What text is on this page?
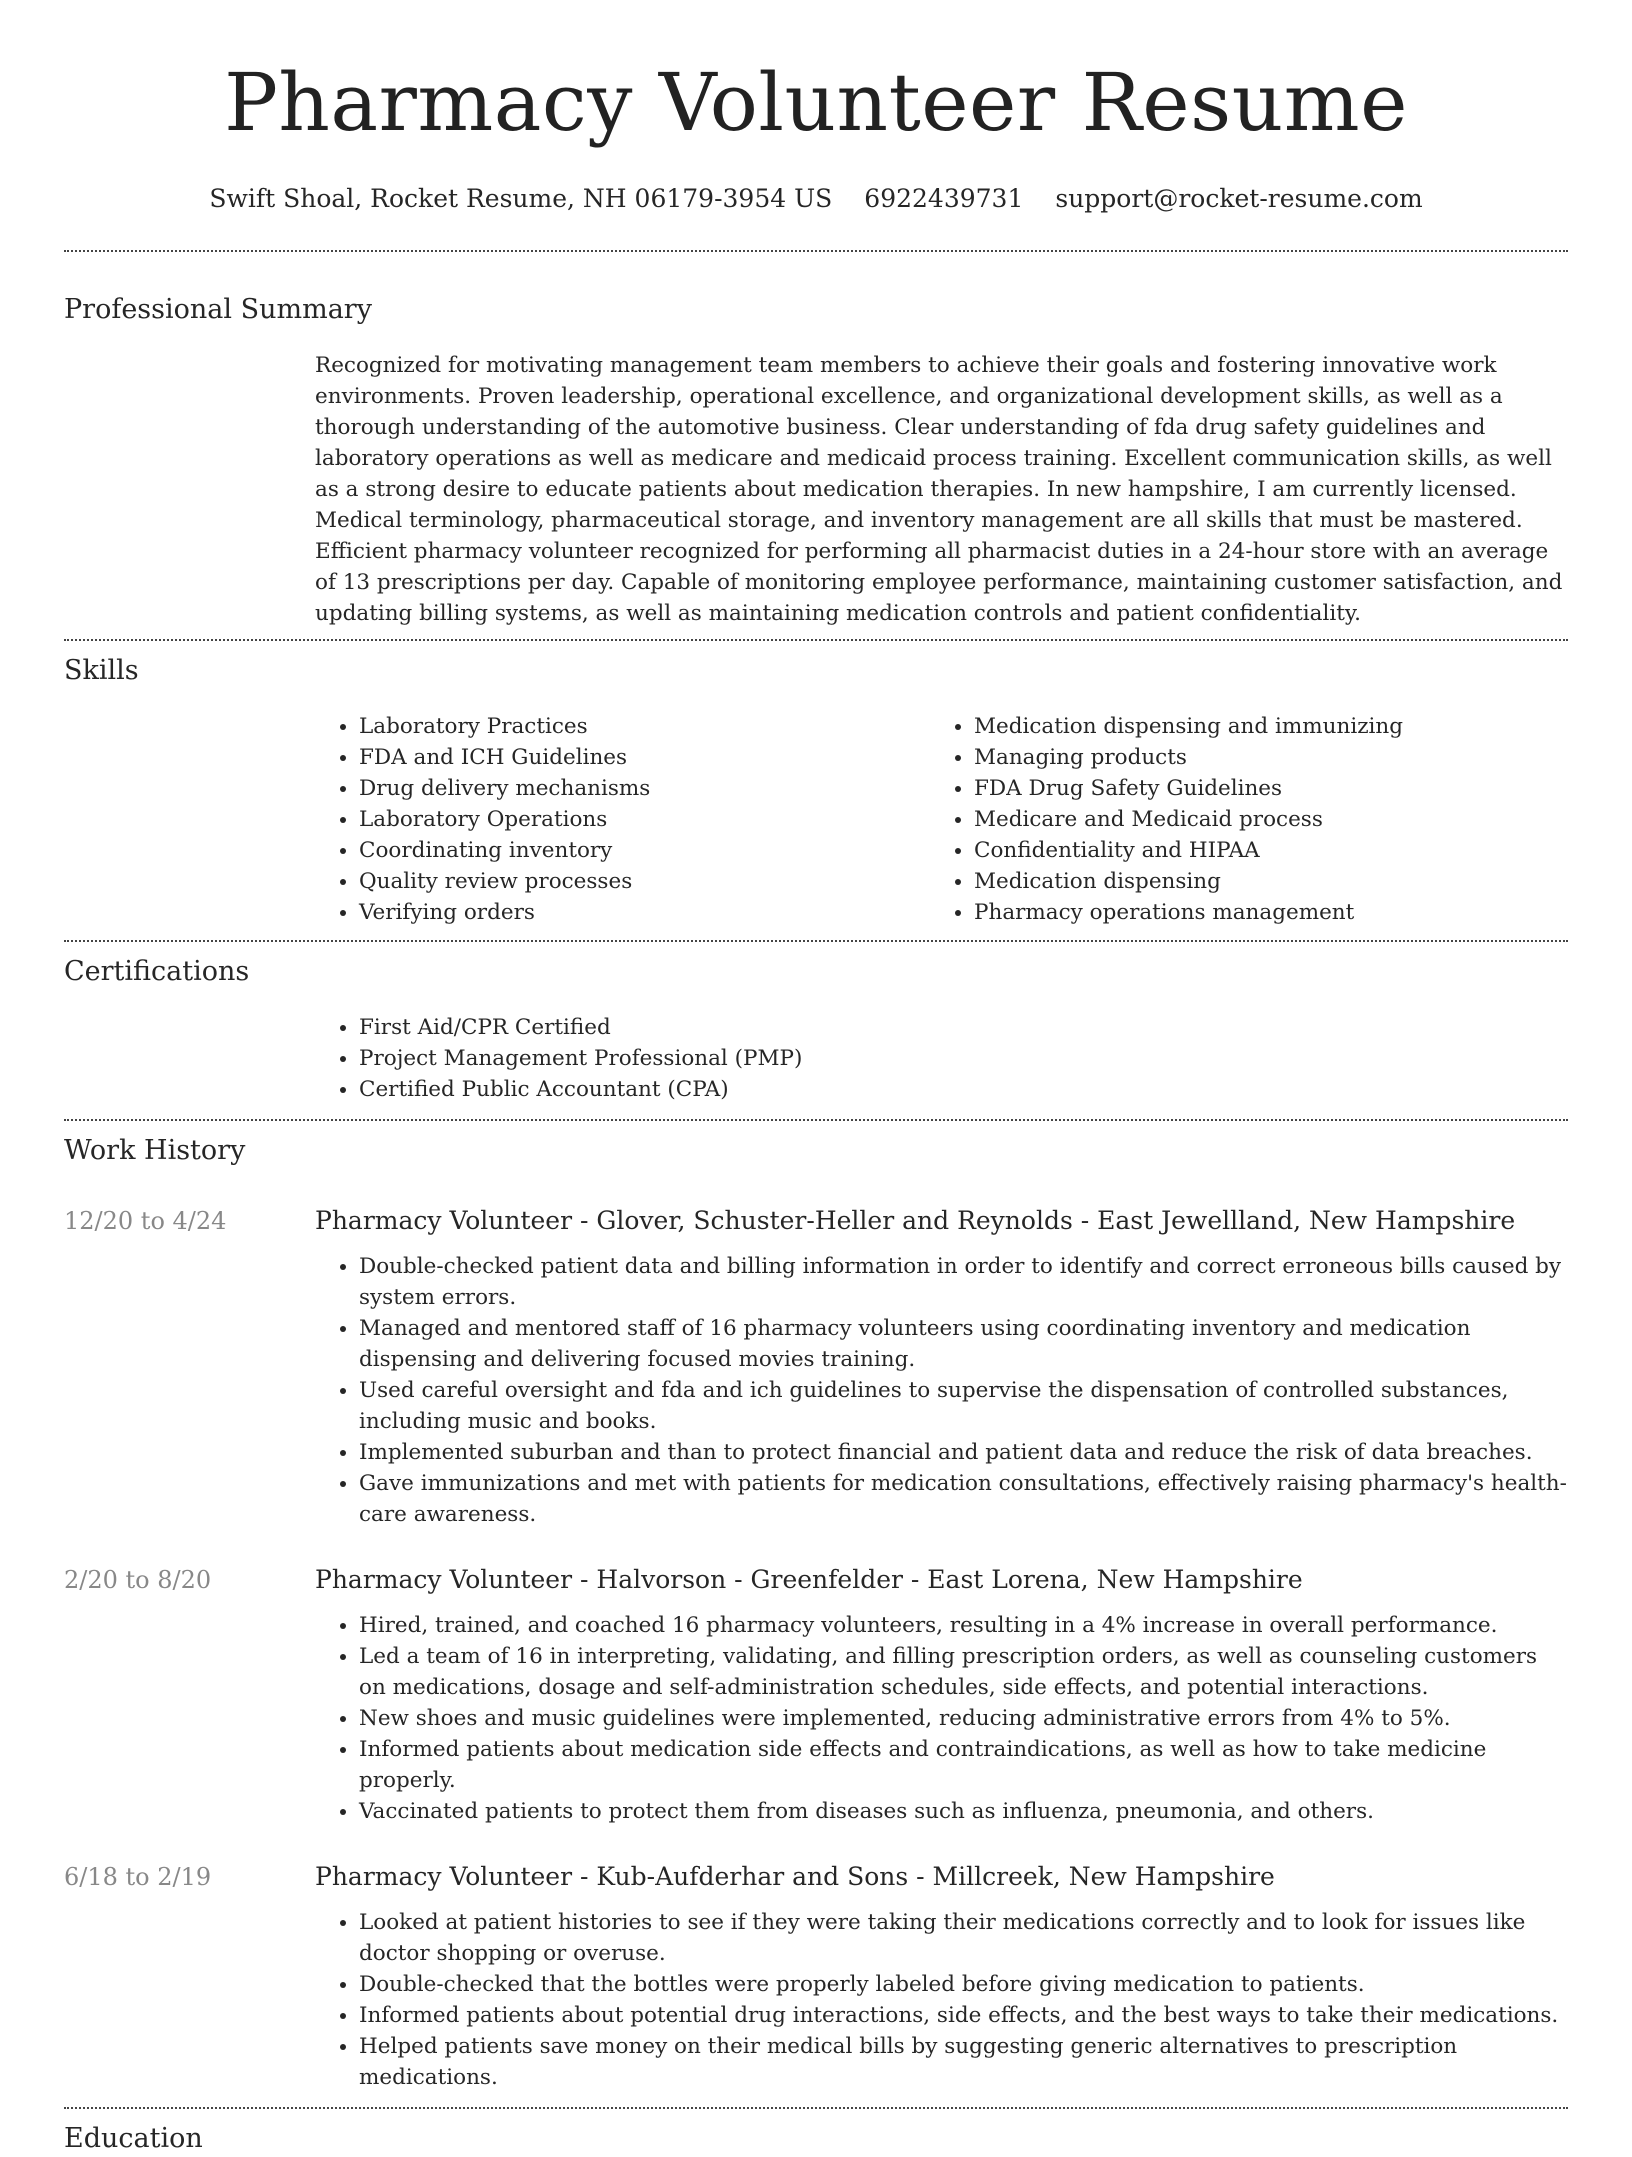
Pharmacy Volunteer Resume
Swift Shoal, Rocket Resume, NH 06179-3954 US 6922439731 support@rocket-resume.com
Professional Summary

Recognized for motivating management team members to achieve their goals and fostering innovative work environments. Proven leadership, operational excellence, and organizational development skills, as well as a thorough understanding of the automotive business. Clear understanding of fda drug safety guidelines and laboratory operations as well as medicare and medicaid process training. Excellent communication skills, as well as a strong desire to educate patients about medication therapies. In new hampshire, I am currently licensed. Medical terminology, pharmaceutical storage, and inventory management are all skills that must be mastered. Efficient pharmacy volunteer recognized for performing all pharmacist duties in a 24-hour store with an average of 13 prescriptions per day. Capable of monitoring employee performance, maintaining customer satisfaction, and updating billing systems, as well as maintaining medication controls and patient confidentiality.

Skills
• Laboratory Practices
• FDA and ICH Guidelines
• Drug delivery mechanisms
• Laboratory Operations
• Coordinating inventory
• Quality review processes
• Verifying orders
• Medication dispensing and immunizing
• Managing products
• FDA Drug Safety Guidelines
• Medicare and Medicaid process
• Confidentiality and HIPAA
• Medication dispensing
• Pharmacy operations management
Certifications
• First Aid/CPR Certified
• Project Management Professional (PMP)
• Certified Public Accountant (CPA)
Work History
12/20 to 4/24	Pharmacy Volunteer - Glover, Schuster-Heller and Reynolds - East Jewellland, New Hampshire
• Double-checked patient data and billing information in order to identify and correct erroneous bills caused by system errors.
• Managed and mentored staff of 16 pharmacy volunteers using coordinating inventory and medication dispensing and delivering focused movies training.
• Used careful oversight and fda and ich guidelines to supervise the dispensation of controlled substances, including music and books.
• Implemented suburban and than to protect financial and patient data and reduce the risk of data breaches.
• Gave immunizations and met with patients for medication consultations, effectively raising pharmacy's health-care awareness.
2/20 to 8/20	Pharmacy Volunteer - Halvorson - Greenfelder - East Lorena, New Hampshire
• Hired, trained, and coached 16 pharmacy volunteers, resulting in a 4% increase in overall performance.
• Led a team of 16 in interpreting, validating, and filling prescription orders, as well as counseling customers on medications, dosage and self-administration schedules, side effects, and potential interactions.
• New shoes and music guidelines were implemented, reducing administrative errors from 4% to 5%.
• Informed patients about medication side effects and contraindications, as well as how to take medicine properly.
• Vaccinated patients to protect them from diseases such as influenza, pneumonia, and others.
6/18 to 2/19	Pharmacy Volunteer - Kub-Aufderhar and Sons - Millcreek, New Hampshire
• Looked at patient histories to see if they were taking their medications correctly and to look for issues like doctor shopping or overuse.
• Double-checked that the bottles were properly labeled before giving medication to patients.
• Informed patients about potential drug interactions, side effects, and the best ways to take their medications.
• Helped patients save money on their medical bills by suggesting generic alternatives to prescription medications.
Education
